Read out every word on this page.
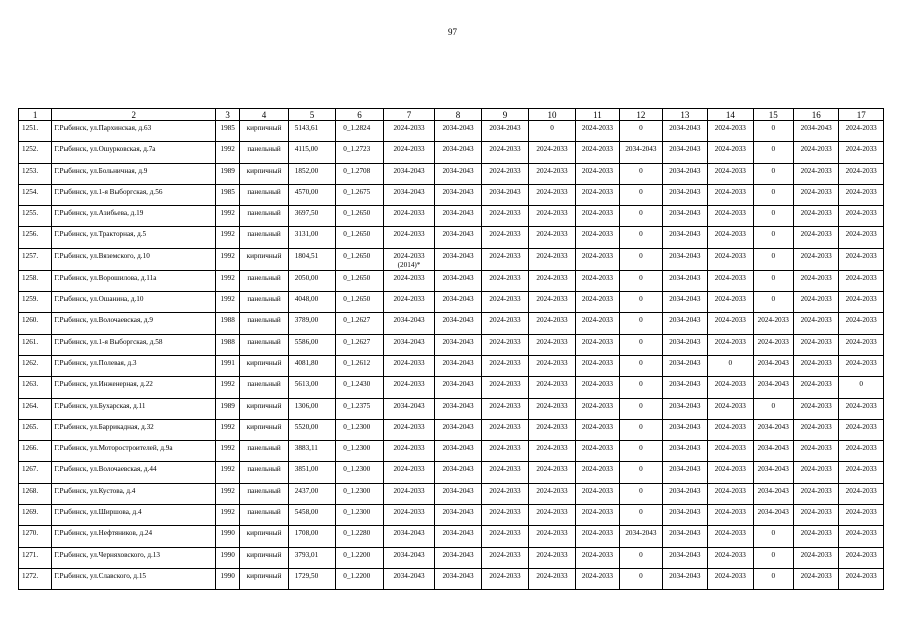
97
1	2	3	4	5	6	7	8	9	10	11	12	13	14	15	16	17
1251.	Г.Рыбинск, ул.Пархинская, д.63	1985	кирпичный	5143,61	0_1.2824	2024-2033	2034-2043	2034-2043	0	2024-2033	0	2034-2043	2024-2033	0	2034-2043	2024-2033
1252.	Г.Рыбинск, ул.Ошурковская, д.7а	1992	панельный	4115,00	0_1.2723	2024-2033	2034-2043	2024-2033	2024-2033	2024-2033	2034-2043	2034-2043	2024-2033	0	2024-2033	2024-2033
1253.	Г.Рыбинск, ул.Больничная, д.9	1989	кирпичный	1852,00	0_1.2708	2034-2043	2034-2043	2024-2033	2024-2033	2024-2033	0	2034-2043	2024-2033	0	2024-2033	2024-2033
1254.	Г.Рыбинск, ул.1-я Выборгская, д.56	1985	панельный	4570,00	0_1.2675	2034-2043	2034-2043	2034-2043	2024-2033	2024-2033	0	2034-2043	2024-2033	0	2024-2033	2024-2033
1255.	Г.Рыбинск, ул.Азибьева, д.19	1992	панельный	3697,50	0_1.2650	2024-2033	2034-2043	2024-2033	2024-2033	2024-2033	0	2034-2043	2024-2033	0	2024-2033	2024-2033
1256.	Г.Рыбинск, ул.Тракторная, д.5	1992	панельный	3131,00	0_1.2650	2024-2033	2034-2043	2024-2033	2024-2033	2024-2033	0	2034-2043	2024-2033	0	2024-2033	2024-2033
1257.	Г.Рыбинск, ул.Вяземского, д.10	1992	кирпичный	1804,51	0_1.2650	2024-2033 (2014)*	2034-2043	2024-2033	2024-2033	2024-2033	0	2034-2043	2024-2033	0	2024-2033	2024-2033
1258.	Г.Рыбинск, ул.Ворошилова, д.11а	1992	панельный	2050,00	0_1.2650	2024-2033	2034-2043	2024-2033	2024-2033	2024-2033	0	2034-2043	2024-2033	0	2024-2033	2024-2033
1259.	Г.Рыбинск, ул.Ошанина, д.10	1992	панельный	4048,00	0_1.2650	2024-2033	2034-2043	2024-2033	2024-2033	2024-2033	0	2034-2043	2024-2033	0	2024-2033	2024-2033
1260.	Г.Рыбинск, ул.Волочаевская, д.9	1988	панельный	3789,00	0_1.2627	2034-2043	2034-2043	2024-2033	2024-2033	2024-2033	0	2034-2043	2024-2033	2024-2033	2024-2033	2024-2033
1261.	Г.Рыбинск, ул.1-я Выборгская, д.58	1988	панельный	5586,00	0_1.2627	2034-2043	2034-2043	2024-2033	2024-2033	2024-2033	0	2034-2043	2024-2033	2024-2033	2024-2033	2024-2033
1262.	Г.Рыбинск, ул.Полевая, д.3	1991	кирпичный	4081,80	0_1.2612	2024-2033	2034-2043	2024-2033	2024-2033	2024-2033	0	2034-2043	0	2034-2043	2024-2033	2024-2033
1263.	Г.Рыбинск, ул.Инженерная, д.22	1992	панельный	5613,00	0_1.2430	2024-2033	2034-2043	2024-2033	2024-2033	2024-2033	0	2034-2043	2024-2033	2034-2043	2024-2033	0
1264.	Г.Рыбинск, ул.Бухарская, д.11	1989	кирпичный	1306,00	0_1.2375	2034-2043	2034-2043	2024-2033	2024-2033	2024-2033	0	2034-2043	2024-2033	0	2024-2033	2024-2033
1265.	Г.Рыбинск, ул.Баррикадная, д.32	1992	кирпичный	5520,00	0_1.2300	2024-2033	2034-2043	2024-2033	2024-2033	2024-2033	0	2034-2043	2024-2033	2034-2043	2024-2033	2024-2033
1266.	Г.Рыбинск, ул.Моторостроителей, д.9а	1992	панельный	3883,11	0_1.2300	2024-2033	2034-2043	2024-2033	2024-2033	2024-2033	0	2034-2043	2024-2033	2034-2043	2024-2033	2024-2033
1267.	Г.Рыбинск, ул.Волочаевская, д.44	1992	панельный	3851,00	0_1.2300	2024-2033	2034-2043	2024-2033	2024-2033	2024-2033	0	2034-2043	2024-2033	2034-2043	2024-2033	2024-2033
1268.	Г.Рыбинск, ул.Кустова, д.4	1992	панельный	2437,00	0_1.2300	2024-2033	2034-2043	2024-2033	2024-2033	2024-2033	0	2034-2043	2024-2033	2034-2043	2024-2033	2024-2033
1269.	Г.Рыбинск, ул.Ширшова, д.4	1992	панельный	5458,00	0_1.2300	2024-2033	2034-2043	2024-2033	2024-2033	2024-2033	0	2034-2043	2024-2033	2034-2043	2024-2033	2024-2033
1270.	Г.Рыбинск, ул.Нефтяников, д.24	1990	кирпичный	1708,00	0_1.2280	2034-2043	2034-2043	2024-2033	2024-2033	2024-2033	2034-2043	2034-2043	2024-2033	0	2024-2033	2024-2033
1271.	Г.Рыбинск, ул.Черняховского, д.13	1990	кирпичный	3793,01	0_1.2200	2034-2043	2034-2043	2024-2033	2024-2033	2024-2033	0	2034-2043	2024-2033	0	2024-2033	2024-2033
1272.	Г.Рыбинск, ул.Славского, д.15	1990	кирпичный	1729,50	0_1.2200	2034-2043	2034-2043	2024-2033	2024-2033	2024-2033	0	2034-2043	2024-2033	0	2024-2033	2024-2033
